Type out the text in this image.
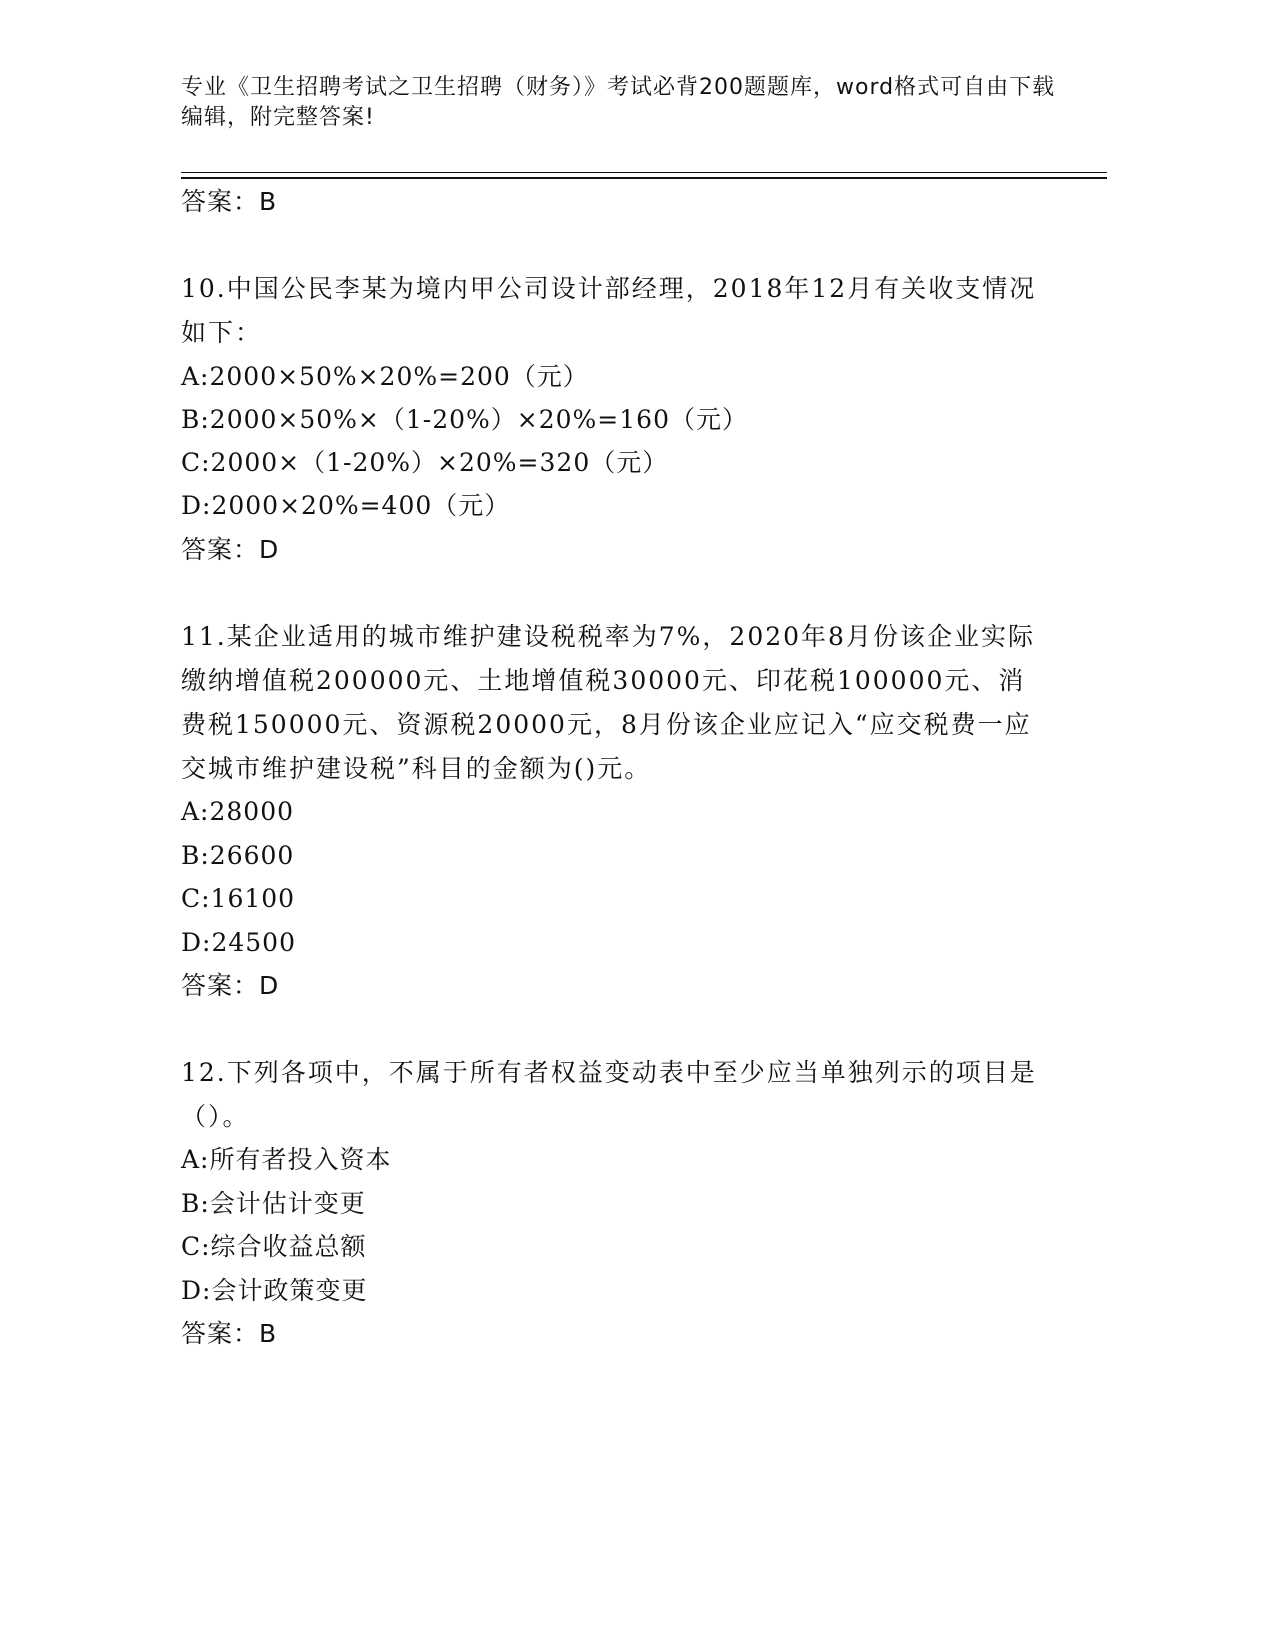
专业《卫生招聘考试之卫生招聘（财务）》考试必背200题题库，word格式可自由下载编辑，附完整答案!
答案：B
10.中国公民李某为境内甲公司设计部经理，2018年12月有关收支情况如下：
A:2000×50%×20%=200（元）
B:2000×50%×（1-20%）×20%=160（元）
C:2000×（1-20%）×20%=320（元）
D:2000×20%=400（元）
答案：D
11.某企业适用的城市维护建设税税率为7%，2020年8月份该企业实际缴纳增值税200000元、土地增值税30000元、印花税100000元、消费税150000元、资源税20000元，8月份该企业应记入“应交税费一应交城市维护建设税”科目的金额为()元。
A:28000
B:26600
C:16100
D:24500
答案：D
12.下列各项中，不属于所有者权益变动表中至少应当单独列示的项目是（）。
A:所有者投入资本
B:会计估计变更
C:综合收益总额
D:会计政策变更
答案：B
